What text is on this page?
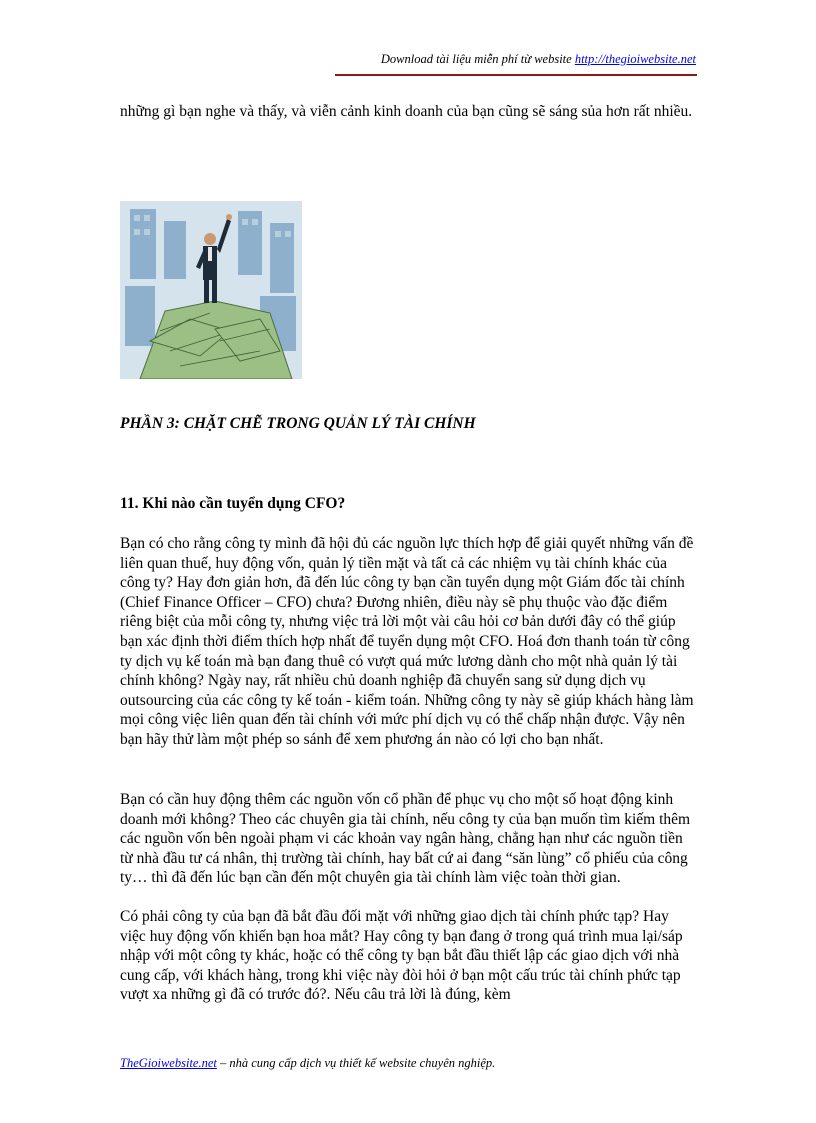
Download tài liệu miễn phí từ website http://thegioiwebsite.net
những gì bạn nghe và thấy, và viễn cảnh kinh doanh của bạn cũng sẽ sáng sủa hơn rất nhiều.
PHẦN 3: CHẶT CHẼ TRONG QUẢN LÝ TÀI CHÍNH
11. Khi nào cần tuyển dụng CFO?
Bạn có cho rằng công ty mình đã hội đủ các nguồn lực thích hợp để giải quyết những vấn đề liên quan thuế, huy động vốn, quản lý tiền mặt và tất cả các nhiệm vụ tài chính khác của công ty? Hay đơn giản hơn, đã đến lúc công ty bạn cần tuyển dụng một Giám đốc tài chính (Chief Finance Officer – CFO) chưa? Đương nhiên, điều này sẽ phụ thuộc vào đặc điểm riêng biệt của mỗi công ty, nhưng việc trả lời một vài câu hỏi cơ bản dưới đây có thể giúp bạn xác định thời điểm thích hợp nhất để tuyển dụng một CFO. Hoá đơn thanh toán từ công ty dịch vụ kế toán mà bạn đang thuê có vượt quá mức lương dành cho một nhà quản lý tài chính không? Ngày nay, rất nhiều chủ doanh nghiệp đã chuyển sang sử dụng dịch vụ outsourcing của các công ty kế toán - kiểm toán. Những công ty này sẽ giúp khách hàng làm mọi công việc liên quan đến tài chính với mức phí dịch vụ có thể chấp nhận được. Vậy nên bạn hãy thử làm một phép so sánh để xem phương án nào có lợi cho bạn nhất.
Bạn có cần huy động thêm các nguồn vốn cổ phần để phục vụ cho một số hoạt động kinh doanh mới không? Theo các chuyên gia tài chính, nếu công ty của bạn muốn tìm kiếm thêm các nguồn vốn bên ngoài phạm vi các khoản vay ngân hàng, chẳng hạn như các nguồn tiền từ nhà đầu tư cá nhân, thị trường tài chính, hay bất cứ ai đang “săn lùng” cổ phiếu của công ty… thì đã đến lúc bạn cần đến một chuyên gia tài chính làm việc toàn thời gian.
Có phải công ty của bạn đã bắt đầu đối mặt với những giao dịch tài chính phức tạp? Hay việc huy động vốn khiến bạn hoa mắt? Hay công ty bạn đang ở trong quá trình mua lại/sáp nhập với một công ty khác, hoặc có thể công ty bạn bắt đầu thiết lập các giao dịch với nhà cung cấp, với khách hàng, trong khi việc này đòi hỏi ở bạn một cấu trúc tài chính phức tạp vượt xa những gì đã có trước đó?. Nếu câu trả lời là đúng, kèm
TheGioiwebsite.net – nhà cung cấp dịch vụ thiết kế website chuyên nghiệp.
